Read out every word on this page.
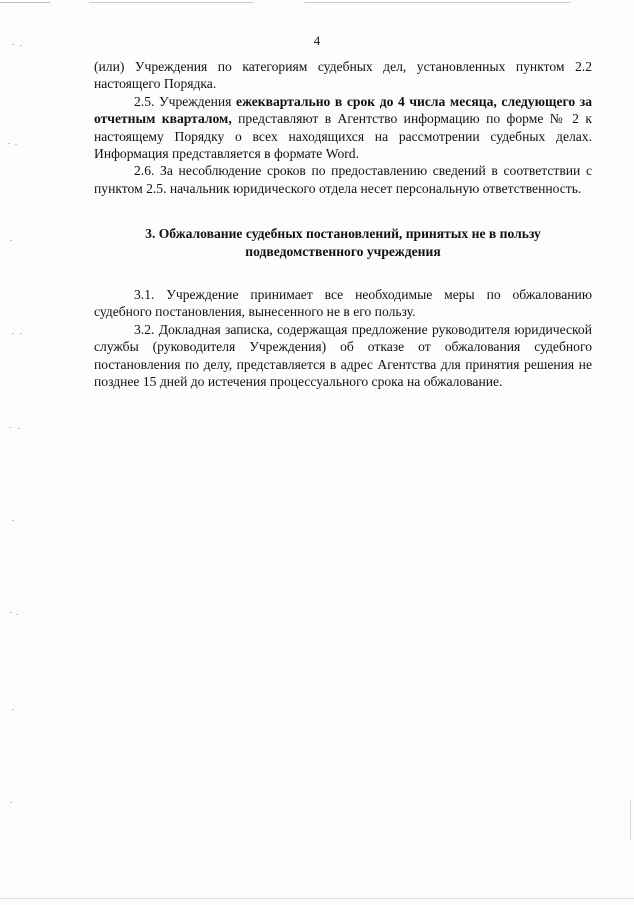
4

(или) Учреждения по категориям судебных дел, установленных пунктом 2.2 настоящего Порядка.

2.5. Учреждения ежеквартально в срок до 4 числа месяца, следующего за отчетным кварталом, представляют в Агентство информацию по форме № 2 к настоящему Порядку о всех находящихся на рассмотрении судебных делах. Информация представляется в формате Word.

2.6. За несоблюдение сроков по предоставлению сведений в соответствии с пунктом 2.5. начальник юридического отдела несет персональную ответственность.

3. Обжалование судебных постановлений, принятых не в пользу подведомственного учреждения

3.1. Учреждение принимает все необходимые меры по обжалованию судебного постановления, вынесенного не в его пользу.

3.2. Докладная записка, содержащая предложение руководителя юридической службы (руководителя Учреждения) об отказе от обжалования судебного постановления по делу, представляется в адрес Агентства для принятия решения не позднее 15 дней до истечения процессуального срока на обжалование.
